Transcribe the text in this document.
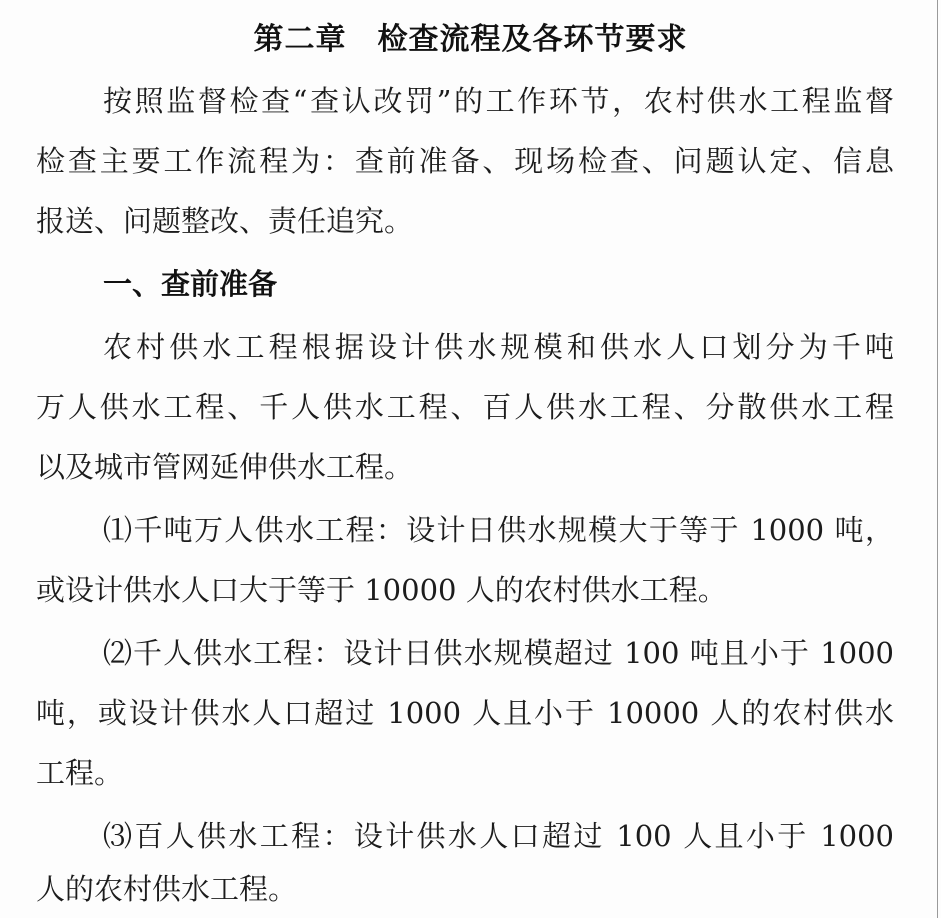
第二章　检查流程及各环节要求
按照监督检查“查认改罚”的工作环节，农村供水工程监督
检查主要工作流程为：查前准备、现场检查、问题认定、信息
报送、问题整改、责任追究。
一、查前准备
农村供水工程根据设计供水规模和供水人口划分为千吨
万人供水工程、千人供水工程、百人供水工程、分散供水工程
以及城市管网延伸供水工程。
⑴千吨万人供水工程：设计日供水规模大于等于 1000 吨，
或设计供水人口大于等于 10000 人的农村供水工程。
⑵千人供水工程：设计日供水规模超过 100 吨且小于 1000
吨，或设计供水人口超过 1000 人且小于 10000 人的农村供水
工程。
⑶百人供水工程：设计供水人口超过 100 人且小于 1000
人的农村供水工程。
